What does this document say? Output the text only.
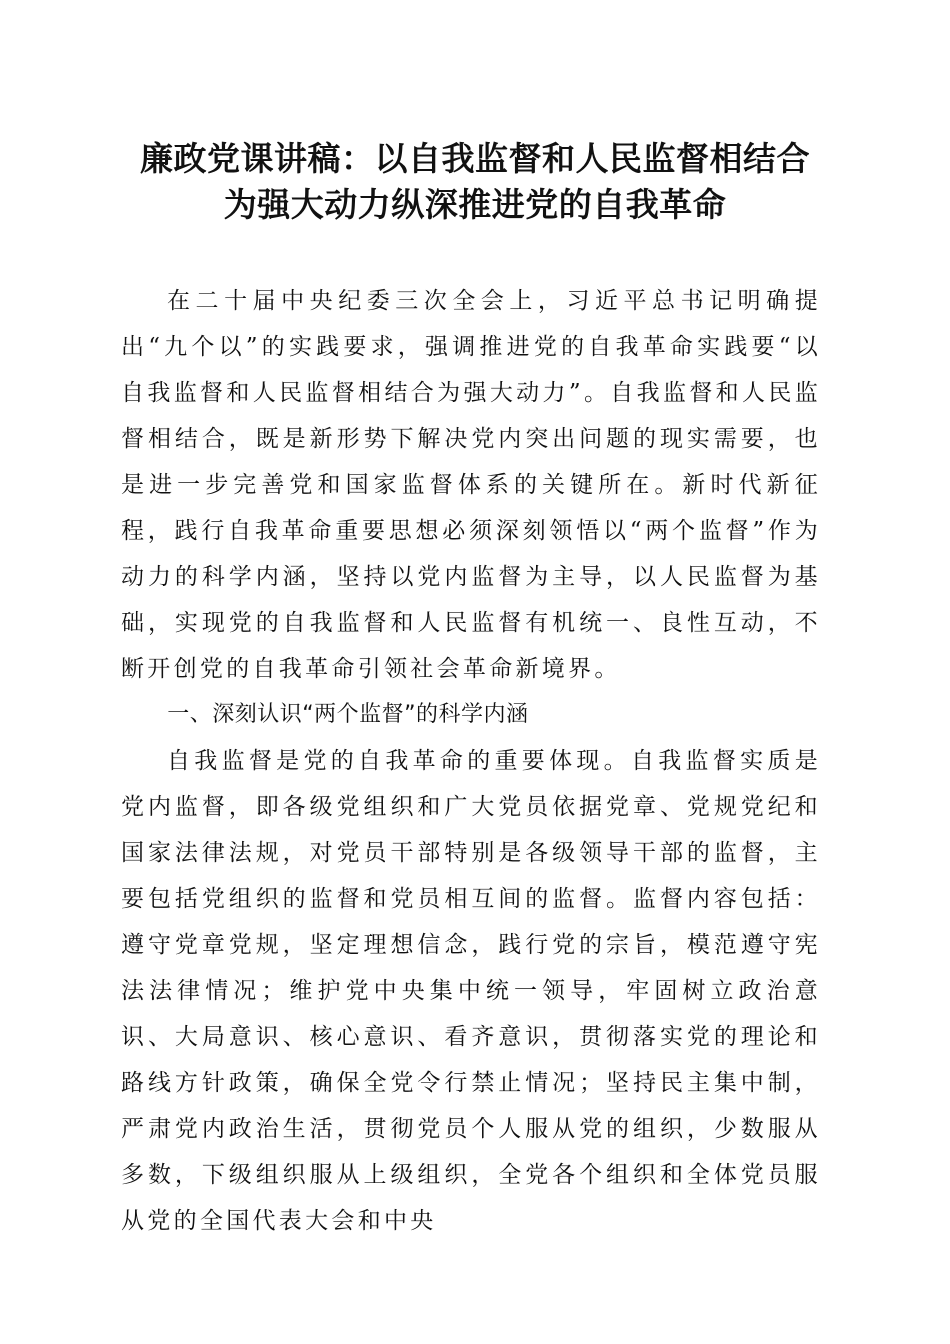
廉政党课讲稿：以自我监督和人民监督相结合
为强大动力纵深推进党的自我革命

在二十届中央纪委三次全会上，习近平总书记明确提出“九个以”的实践要求，强调推进党的自我革命实践要“以自我监督和人民监督相结合为强大动力”。自我监督和人民监督相结合，既是新形势下解决党内突出问题的现实需要，也是进一步完善党和国家监督体系的关键所在。新时代新征程，践行自我革命重要思想必须深刻领悟以“两个监督”作为动力的科学内涵，坚持以党内监督为主导，以人民监督为基础，实现党的自我监督和人民监督有机统一、良性互动，不断开创党的自我革命引领社会革命新境界。

一、深刻认识“两个监督”的科学内涵

自我监督是党的自我革命的重要体现。自我监督实质是党内监督，即各级党组织和广大党员依据党章、党规党纪和国家法律法规，对党员干部特别是各级领导干部的监督，主要包括党组织的监督和党员相互间的监督。监督内容包括：遵守党章党规，坚定理想信念，践行党的宗旨，模范遵守宪法法律情况；维护党中央集中统一领导，牢固树立政治意识、大局意识、核心意识、看齐意识，贯彻落实党的理论和路线方针政策，确保全党令行禁止情况；坚持民主集中制，严肃党内政治生活，贯彻党员个人服从党的组织，少数服从多数，下级组织服从上级组织，全党各个组织和全体党员服从党的全国代表大会和中央
